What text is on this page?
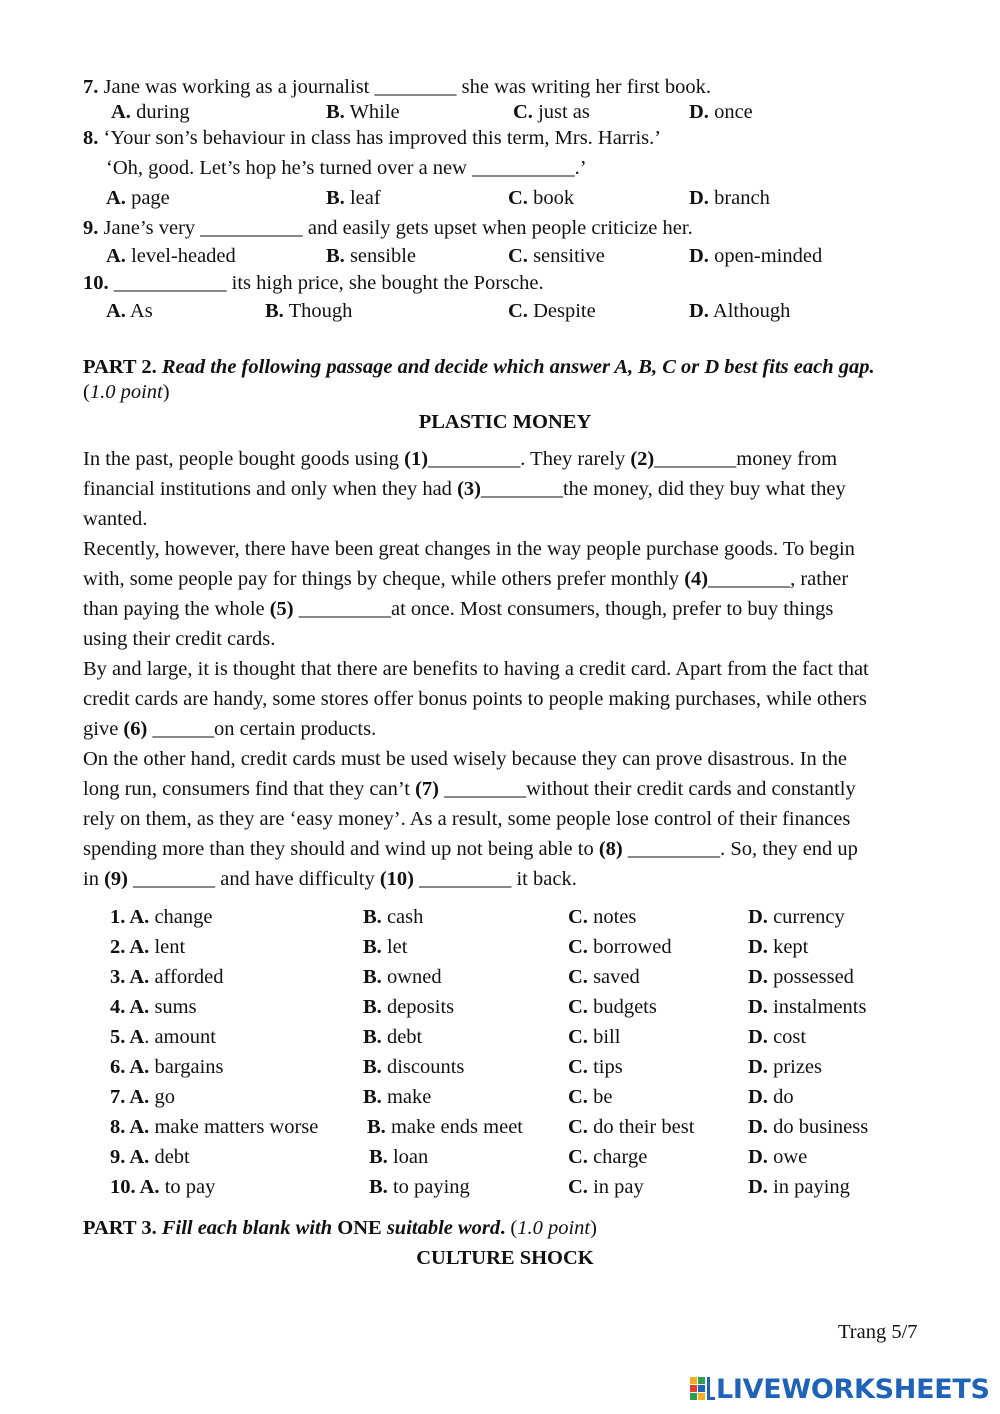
7. Jane was working as a journalist ________ she was writing her first book.
A. during	B. While	C. just as	D. once
8. ‘Your son’s behaviour in class has improved this term, Mrs. Harris.’
‘Oh, good. Let’s hop he’s turned over a new __________.’
A. page	B. leaf	C. book	D. branch
9. Jane’s very __________ and easily gets upset when people criticize her.
A. level-headed	B. sensible	C. sensitive	D. open-minded
10. ___________ its high price, she bought the Porsche.
A. As	B. Though	C. Despite	D. Although
PART 2. Read the following passage and decide which answer A, B, C or D best fits each gap.
(1.0 point)
PLASTIC MONEY
In the past, people bought goods using (1)_________. They rarely (2)________money from
financial institutions and only when they had (3)________the money, did they buy what they
wanted.
Recently, however, there have been great changes in the way people purchase goods. To begin
with, some people pay for things by cheque, while others prefer monthly (4)________, rather
than paying the whole (5) _________at once. Most consumers, though, prefer to buy things
using their credit cards.
By and large, it is thought that there are benefits to having a credit card. Apart from the fact that
credit cards are handy, some stores offer bonus points to people making purchases, while others
give (6) ______on certain products.
On the other hand, credit cards must be used wisely because they can prove disastrous. In the
long run, consumers find that they can’t (7) ________without their credit cards and constantly
rely on them, as they are ‘easy money’. As a result, some people lose control of their finances
spending more than they should and wind up not being able to (8) _________. So, they end up
in (9) ________ and have difficulty (10) _________ it back.
1. A. change	B. cash	C. notes	D. currency
2. A. lent	B. let	C. borrowed	D. kept
3. A. afforded	B. owned	C. saved	D. possessed
4. A. sums	B. deposits	C. budgets	D. instalments
5. A. amount	B. debt	C. bill	D. cost
6. A. bargains	B. discounts	C. tips	D. prizes
7. A. go	B. make	C. be	D. do
8. A. make matters worse B. make ends meet C. do their best	D. do business
9. A. debt	B. loan	C. charge	D. owe
10. A. to pay	B. to paying	C. in pay	D. in paying
PART 3. Fill each blank with ONE suitable word. (1.0 point)
CULTURE SHOCK
Trang 5/7
LIVEWORKSHEETS
